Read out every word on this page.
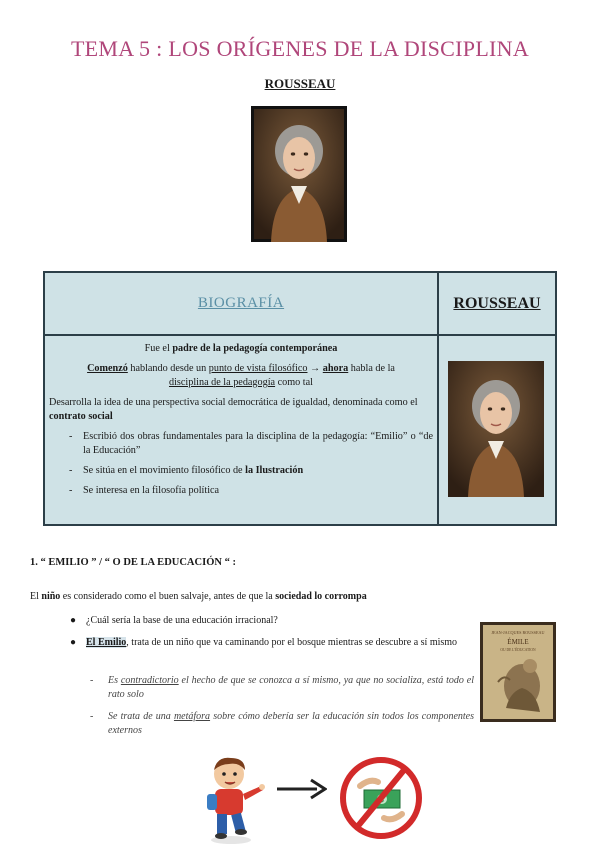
TEMA 5 : LOS ORÍGENES DE LA DISCIPLINA
ROUSSEAU
BIOGRAFÍA	ROUSSEAU
Fue el padre de la pedagogía contemporánea
Comenzó hablando desde un punto de vista filosófico → ahora habla de la
disciplina de la pedagogía como tal
Desarrolla la idea de una perspectiva social democrática de igualdad, denominada como el contrato social
- Escribió dos obras fundamentales para la disciplina de la pedagogía: “Emilio” o “de la Educación”
- Se sitúa en el movimiento filosófico de la Ilustración
- Se interesa en la filosofía política
1. “ EMILIO ” / “ O DE LA EDUCACIÓN “ :
El niño es considerado como el buen salvaje, antes de que la sociedad lo corrompa
● ¿Cuál sería la base de una educación irracional?
● El Emilio, trata de un niño que va caminando por el bosque mientras se descubre a sí mismo
- Es contradictorio el hecho de que se conozca a sí mismo, ya que no socializa, está todo el rato solo
- Se trata de una metáfora sobre cómo debería ser la educación sin todos los componentes externos
JEAN-JACQUES ROUSSEAU
ÉMILE
OU DE L'ÉDUCATION
